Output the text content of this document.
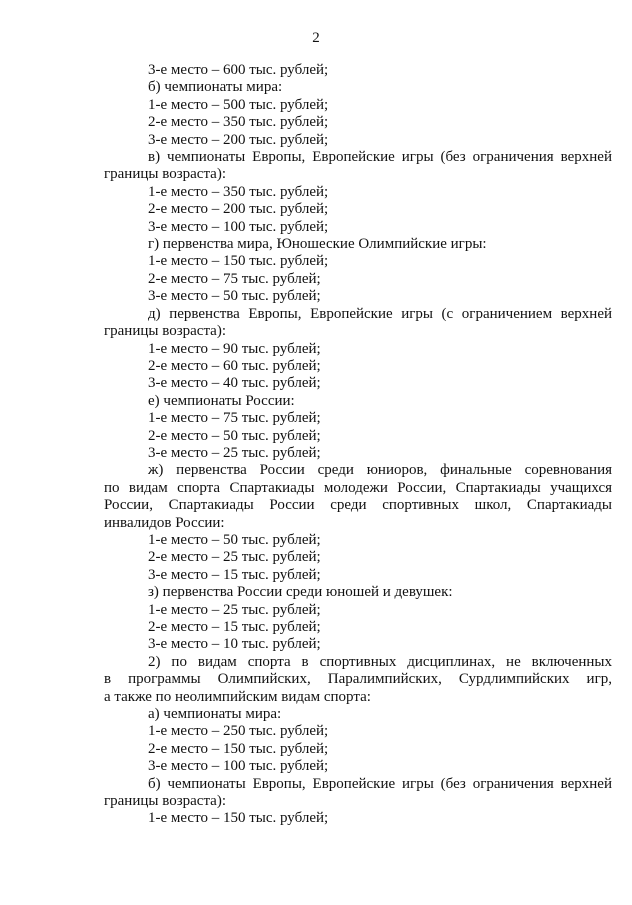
2

3-е место – 600 тыс. рублей;

б) чемпионаты мира:

1-е место – 500 тыс. рублей;

2-е место – 350 тыс. рублей;

3-е место – 200 тыс. рублей;

в) чемпионаты Европы, Европейские игры (без ограничения верхней

границы возраста):

1-е место – 350 тыс. рублей;

2-е место – 200 тыс. рублей;

3-е место – 100 тыс. рублей;

г) первенства мира, Юношеские Олимпийские игры:

1-е место – 150 тыс. рублей;

2-е место – 75 тыс. рублей;

3-е место – 50 тыс. рублей;

д) первенства Европы, Европейские игры (с ограничением верхней

границы возраста):

1-е место – 90 тыс. рублей;

2-е место – 60 тыс. рублей;

3-е место – 40 тыс. рублей;

е) чемпионаты России:

1-е место – 75 тыс. рублей;

2-е место – 50 тыс. рублей;

3-е место – 25 тыс. рублей;

ж) первенства России среди юниоров, финальные соревнования

по видам спорта Спартакиады молодежи России, Спартакиады учащихся

России, Спартакиады России среди спортивных школ, Спартакиады

инвалидов России:

1-е место – 50 тыс. рублей;

2-е место – 25 тыс. рублей;

3-е место – 15 тыс. рублей;

з) первенства России среди юношей и девушек:

1-е место – 25 тыс. рублей;

2-е место – 15 тыс. рублей;

3-е место – 10 тыс. рублей;

2) по видам спорта в спортивных дисциплинах, не включенных

в программы Олимпийских, Паралимпийских, Сурдлимпийских игр,

а также по неолимпийским видам спорта:

а) чемпионаты мира:

1-е место – 250 тыс. рублей;

2-е место – 150 тыс. рублей;

3-е место – 100 тыс. рублей;

б) чемпионаты Европы, Европейские игры (без ограничения верхней

границы возраста):

1-е место – 150 тыс. рублей;
